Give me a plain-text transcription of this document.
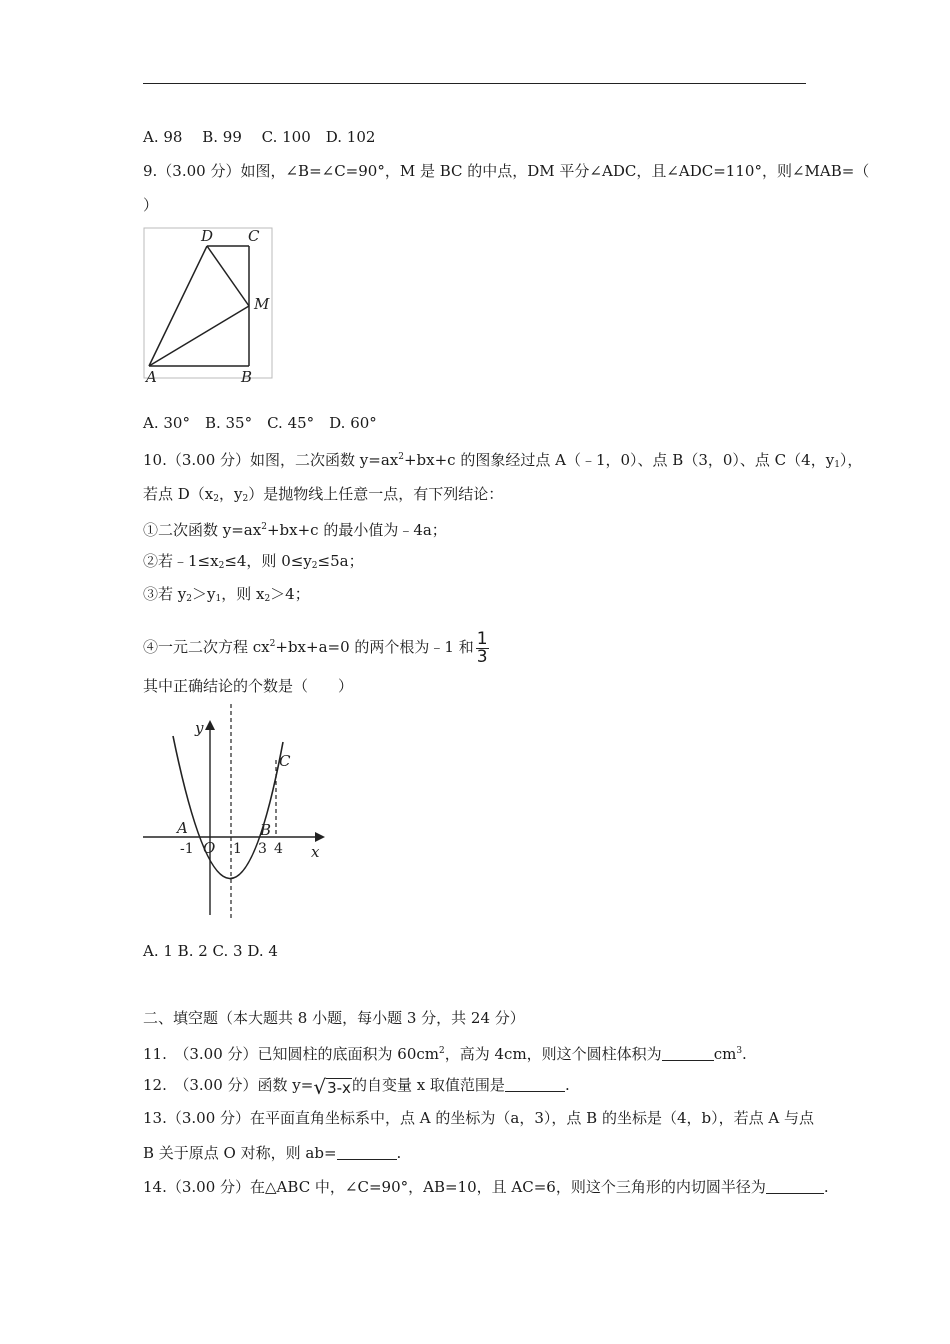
A. 98　 B. 99　 C. 100　D. 102
9.（3.00 分）如图，∠B=∠C=90°，M 是 BC 的中点，DM 平分∠ADC，且∠ADC=110°，则∠MAB=（
）
D C
M
A	B
A. 30°　B. 35°　C. 45°　D. 60°
10.（3.00 分）如图，二次函数 $y=ax^2+bx+c$ 的图象经过点 A（﹣1，0）、点 B（3，0）、点 C（4，$y_1$），
若点 $D(x_2$，$y_2$）是抛物线上任意一点，有下列结论：
①二次函数 $y=ax^2+bx+c$ 的最小值为﹣4a；
②若$﹣1\le x_2\le 4$，则 $0\le y_2\le 5a$；
③若 $y_2>y_1$，则 $x_2>4$；
④一元二次方程 $cx^2+bx+a=0$ 的两个根为﹣1 和 $\frac{1}{3}$
其中正确结论的个数是（　　）
y
x
A	B
C
O
-1	1 3 4
A. 1 B. 2 C. 3 D. 4
二、填空题（本大题共 8 小题，每小题 3 分，共 24 分）
11.　（3.00 分）已知圆柱的底面积为 $60cm^2$，高为 4cm，则这个圆柱体积为	$cm^3$.
12.　（3.00 分）函数 y= √ 3-x 的自变量 x 取值范围是	.
13.（3.00 分）在平面直角坐标系中，点 A 的坐标为（a，3），点 B 的坐标是（4，b），若点 A 与点
B 关于原点 O 对称，则 ab=	.
14.（3.00 分）在△ABC 中，∠C=90°，AB=10，且 AC=6，则这个三角形的内切圆半径为	.
